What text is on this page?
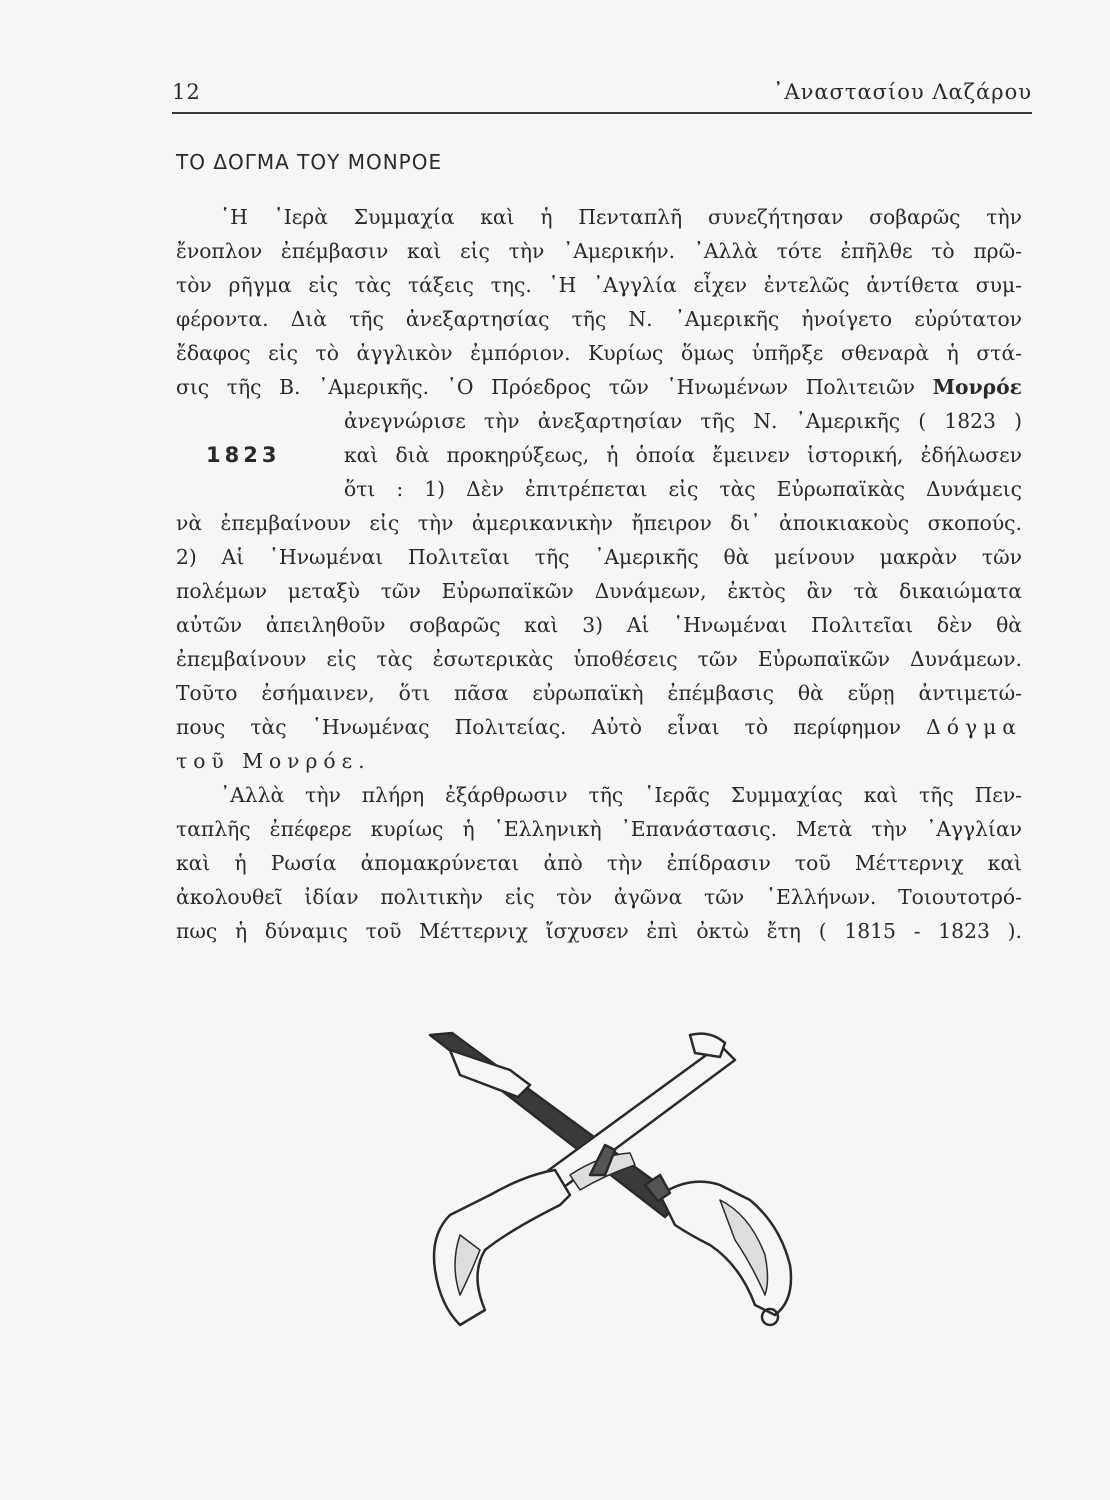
12	᾿Αναστασίου Λαζάρου
ΤΟ ΔΟΓΜΑ ΤΟΥ ΜΟΝΡΟΕ

῾Η ῾Ιερὰ Συμμαχία καὶ ἡ Πενταπλῆ συνεζήτησαν σοβαρῶς τὴν
ἔνοπλον ἐπέμβασιν καὶ εἰς τὴν ᾿Αμερικήν. ᾿Αλλὰ τότε ἐπῆλθε τὸ πρῶ-
τὸν ρῆγμα εἰς τὰς τάξεις της. ῾Η ᾿Αγγλία εἶχεν ἐντελῶς ἀντίθετα συμ-
φέροντα. Διὰ τῆς ἀνεξαρτησίας τῆς Ν. ᾿Αμερικῆς ἠνοίγετο εὐρύτατον
ἔδαφος εἰς τὸ ἀγγλικὸν ἐμπόριον. Κυρίως ὅμως ὑπῆρξε σθεναρὰ ἡ στά-
σις τῆς Β. ᾿Αμερικῆς. ῾Ο Πρόεδρος τῶν ῾Ηνωμένων Πολιτειῶν Μονρόε
ἀνεγνώρισε τὴν ἀνεξαρτησίαν τῆς Ν. ᾿Αμερικῆς ( 1823 )
1823	καὶ διὰ προκηρύξεως, ἡ ὁποία ἔμεινεν ἱστορική, ἐδήλωσεν
ὅτι : 1) Δὲν ἐπιτρέπεται εἰς τὰς Εὐρωπαϊκὰς Δυνάμεις
νὰ ἐπεμβαίνουν εἰς τὴν ἀμερικανικὴν ἤπειρον δι᾿ ἀποικιακοὺς σκοπούς.
2) Αἱ ῾Ηνωμέναι Πολιτεῖαι τῆς ᾿Αμερικῆς θὰ μείνουν μακρὰν τῶν
πολέμων μεταξὺ τῶν Εὐρωπαϊκῶν Δυνάμεων, ἐκτὸς ἂν τὰ δικαιώματα
αὐτῶν ἀπειληθοῦν σοβαρῶς καὶ 3) Αἱ ῾Ηνωμέναι Πολιτεῖαι δὲν θὰ
ἐπεμβαίνουν εἰς τὰς ἐσωτερικὰς ὑποθέσεις τῶν Εὐρωπαϊκῶν Δυνάμεων.
Τοῦτο ἐσήμαινεν, ὅτι πᾶσα εὐρωπαϊκὴ ἐπέμβασις θὰ εὕρῃ ἀντιμετώ-
πους τὰς ῾Ηνωμένας Πολιτείας. Αὐτὸ εἶναι τὸ περίφημον Δόγμα
τοῦ Μονρόε.

᾿Αλλὰ τὴν πλήρη ἐξάρθρωσιν τῆς ῾Ιερᾶς Συμμαχίας καὶ τῆς Πεν-
ταπλῆς ἐπέφερε κυρίως ἡ ῾Ελληνικὴ ᾿Επανάστασις. Μετὰ τὴν ᾿Αγγλίαν
καὶ ἡ Ρωσία ἀπομακρύνεται ἀπὸ τὴν ἐπίδρασιν τοῦ Μέττερνιχ καὶ
ἀκολουθεῖ ἰδίαν πολιτικὴν εἰς τὸν ἀγῶνα τῶν ῾Ελλήνων. Τοιουτοτρό-
πως ἡ δύναμις τοῦ Μέττερνιχ ἴσχυσεν ἐπὶ ὀκτὼ ἔτη ( 1815 - 1823 ).
